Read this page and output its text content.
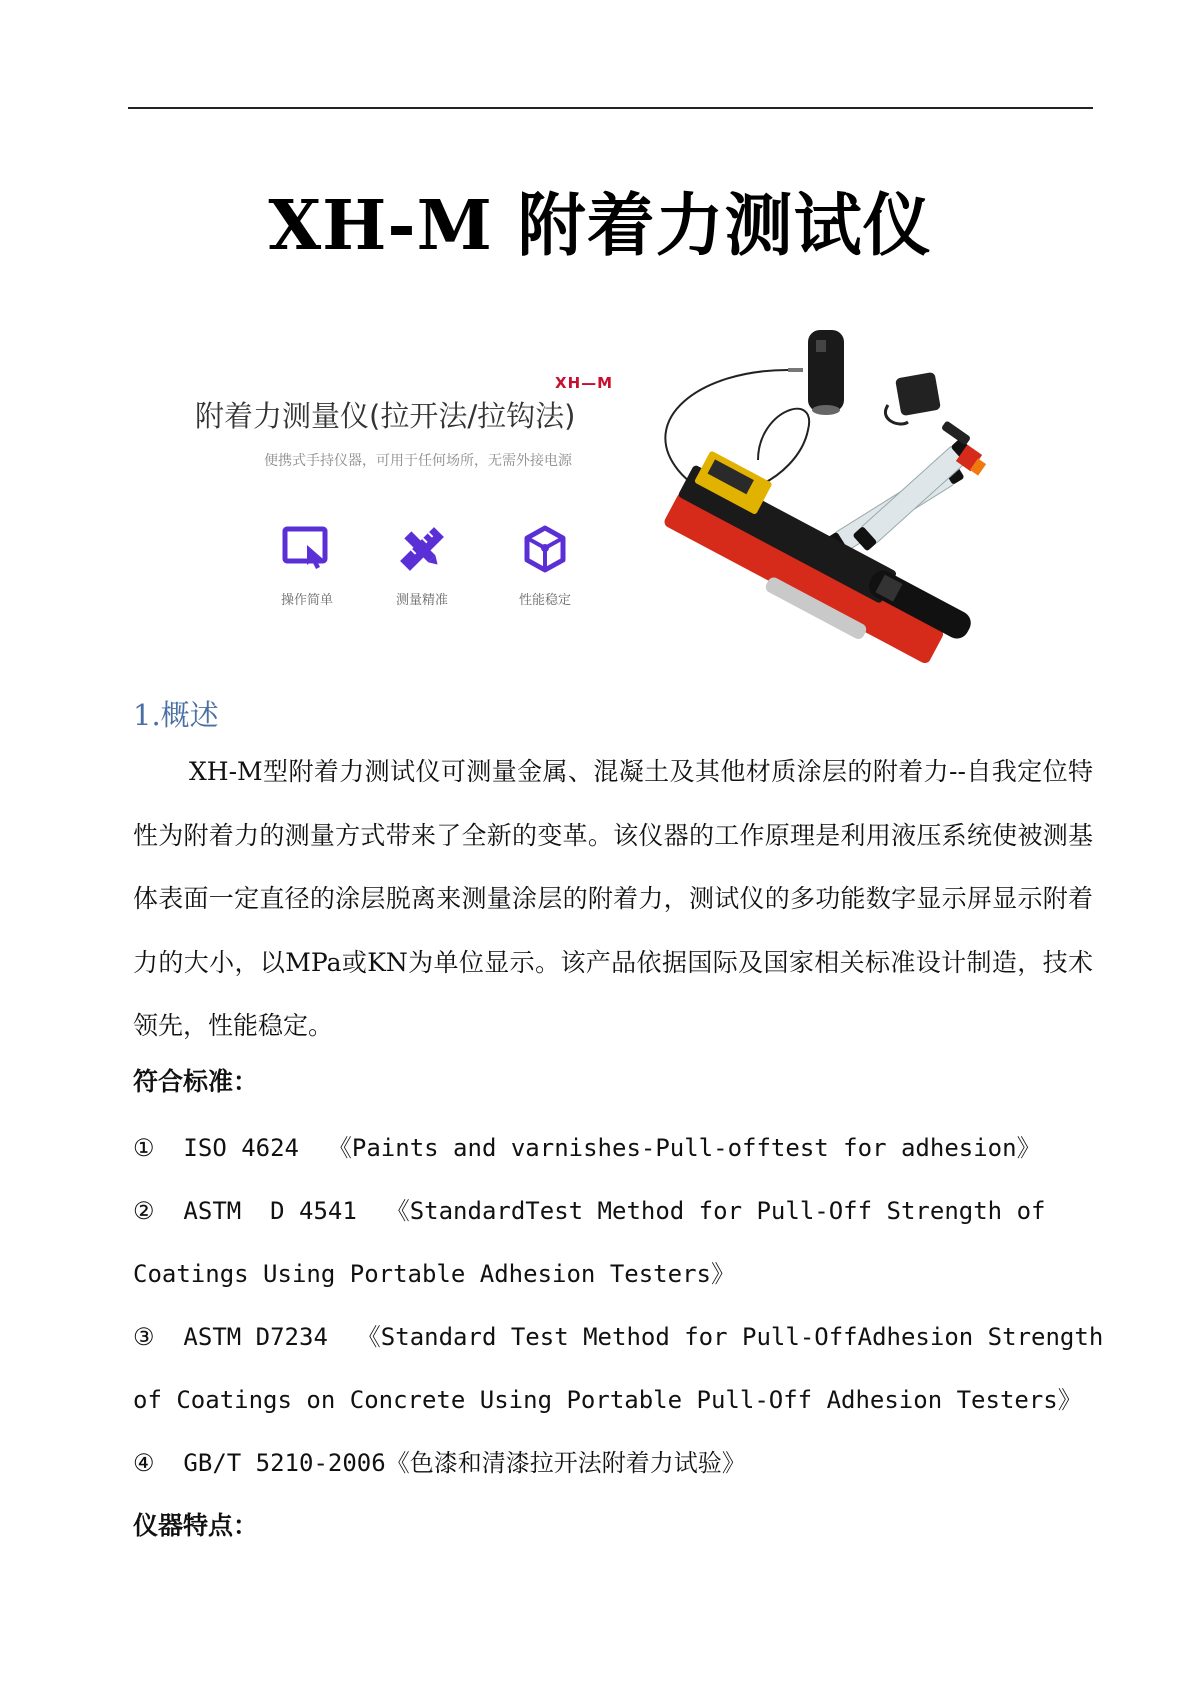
XH-M 附着力测试仪
XH—M
附着力测量仪(拉开法/拉钩法)
便携式手持仪器，可用于任何场所，无需外接电源
操作简单	测量精准	性能稳定
1.概述
XH-M型附着力测试仪可测量金属、混凝土及其他材质涂层的附着力--自我定位特性为附着力的测量方式带来了全新的变革。该仪器的工作原理是利用液压系统使被测基体表面一定直径的涂层脱离来测量涂层的附着力，测试仪的多功能数字显示屏显示附着力的大小，以MPa或KN为单位显示。该产品依据国际及国家相关标准设计制造，技术领先，性能稳定。
符合标准：
①  ISO 4624  《Paints and varnishes-Pull-offtest for adhesion》
②  ASTM  D 4541  《StandardTest Method for Pull-Off Strength of
Coatings Using Portable Adhesion Testers》
③  ASTM D7234  《Standard Test Method for Pull-OffAdhesion Strength
of Coatings on Concrete Using Portable Pull-Off Adhesion Testers》
④  GB/T 5210-2006《色漆和清漆拉开法附着力试验》
仪器特点：
